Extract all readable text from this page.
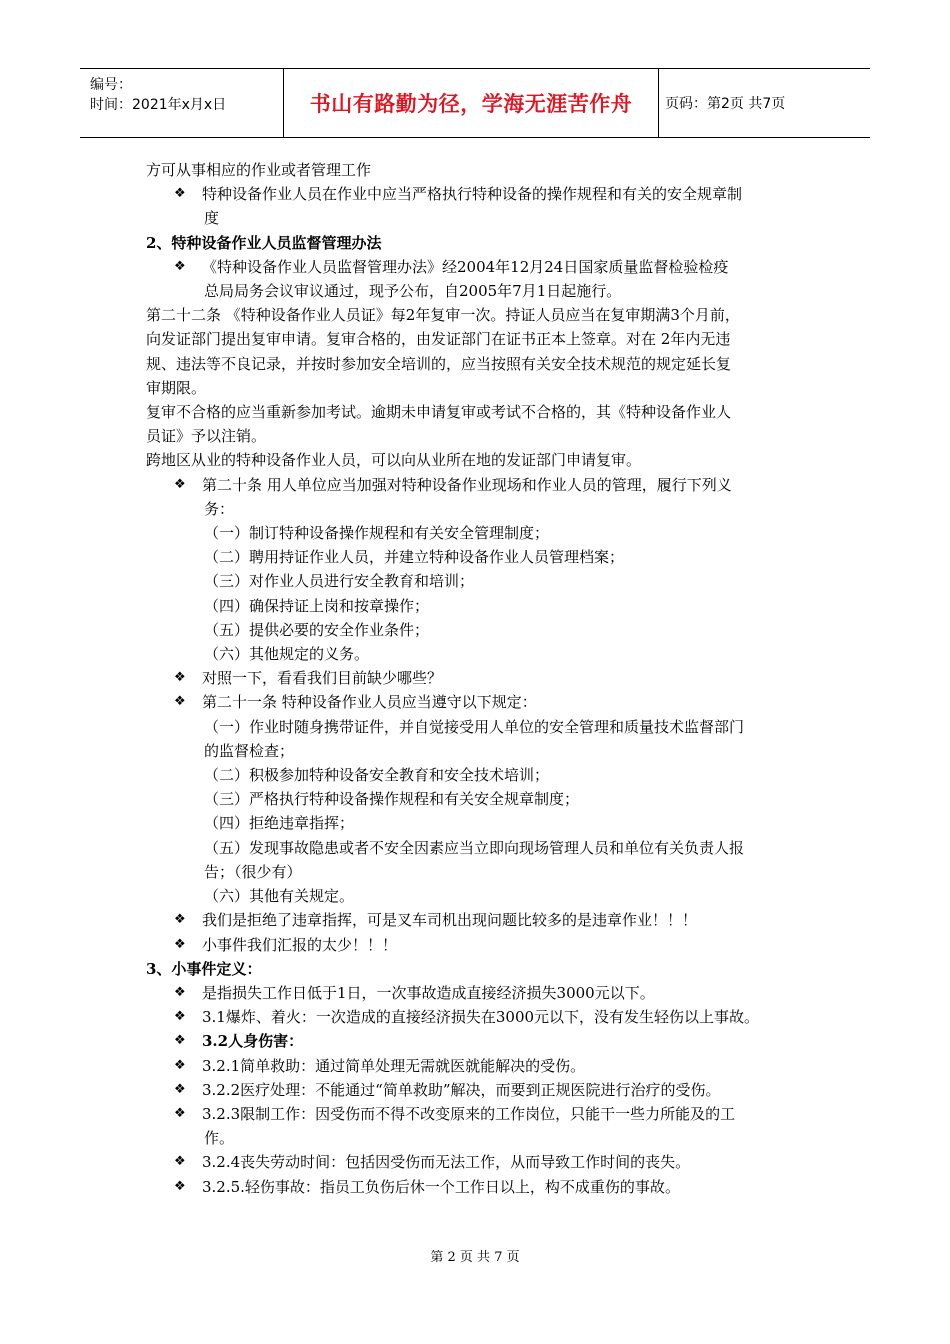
编号：
时间：2021年x月x日	书山有路勤为径，学海无涯苦作舟	页码：第2页 共7页

方可从事相应的作业或者管理工作

❖ 特种设备作业人员在作业中应当严格执行特种设备的操作规程和有关的安全规章制

度

2、特种设备作业人员监督管理办法

❖ 《特种设备作业人员监督管理办法》经2004年12月24日国家质量监督检验检疫

总局局务会议审议通过，现予公布，自2005年7月1日起施行。

第二十二条 《特种设备作业人员证》每2年复审一次。持证人员应当在复审期满3个月前，

向发证部门提出复审申请。复审合格的，由发证部门在证书正本上签章。对在 2年内无违

规、违法等不良记录，并按时参加安全培训的，应当按照有关安全技术规范的规定延长复

审期限。

复审不合格的应当重新参加考试。逾期未申请复审或考试不合格的，其《特种设备作业人

员证》予以注销。

跨地区从业的特种设备作业人员，可以向从业所在地的发证部门申请复审。

❖ 第二十条 用人单位应当加强对特种设备作业现场和作业人员的管理，履行下列义

务：

（一）制订特种设备操作规程和有关安全管理制度；

（二）聘用持证作业人员，并建立特种设备作业人员管理档案；

（三）对作业人员进行安全教育和培训；

（四）确保持证上岗和按章操作；

（五）提供必要的安全作业条件；

（六）其他规定的义务。

❖ 对照一下，看看我们目前缺少哪些？
❖ 第二十一条 特种设备作业人员应当遵守以下规定：

（一）作业时随身携带证件，并自觉接受用人单位的安全管理和质量技术监督部门

的监督检查；

（二）积极参加特种设备安全教育和安全技术培训；

（三）严格执行特种设备操作规程和有关安全规章制度；

（四）拒绝违章指挥；

（五）发现事故隐患或者不安全因素应当立即向现场管理人员和单位有关负责人报

告；（很少有）

（六）其他有关规定。

❖ 我们是拒绝了违章指挥，可是叉车司机出现问题比较多的是违章作业！！！
❖ 小事件我们汇报的太少！！！

3、小事件定义：

❖ 是指损失工作日低于1日，一次事故造成直接经济损失3000元以下。
❖ 3.1爆炸、着火：一次造成的直接经济损失在3000元以下，没有发生轻伤以上事故。
❖ 3.2人身伤害：
❖ 3.2.1简单救助：通过简单处理无需就医就能解决的受伤。
❖ 3.2.2医疗处理：不能通过“简单救助”解决，而要到正规医院进行治疗的受伤。
❖ 3.2.3限制工作：因受伤而不得不改变原来的工作岗位，只能干一些力所能及的工

作。

❖ 3.2.4丧失劳动时间：包括因受伤而无法工作，从而导致工作时间的丧失。
❖ 3.2.5.轻伤事故：指员工负伤后休一个工作日以上，构不成重伤的事故。
第 2 页 共 7 页
